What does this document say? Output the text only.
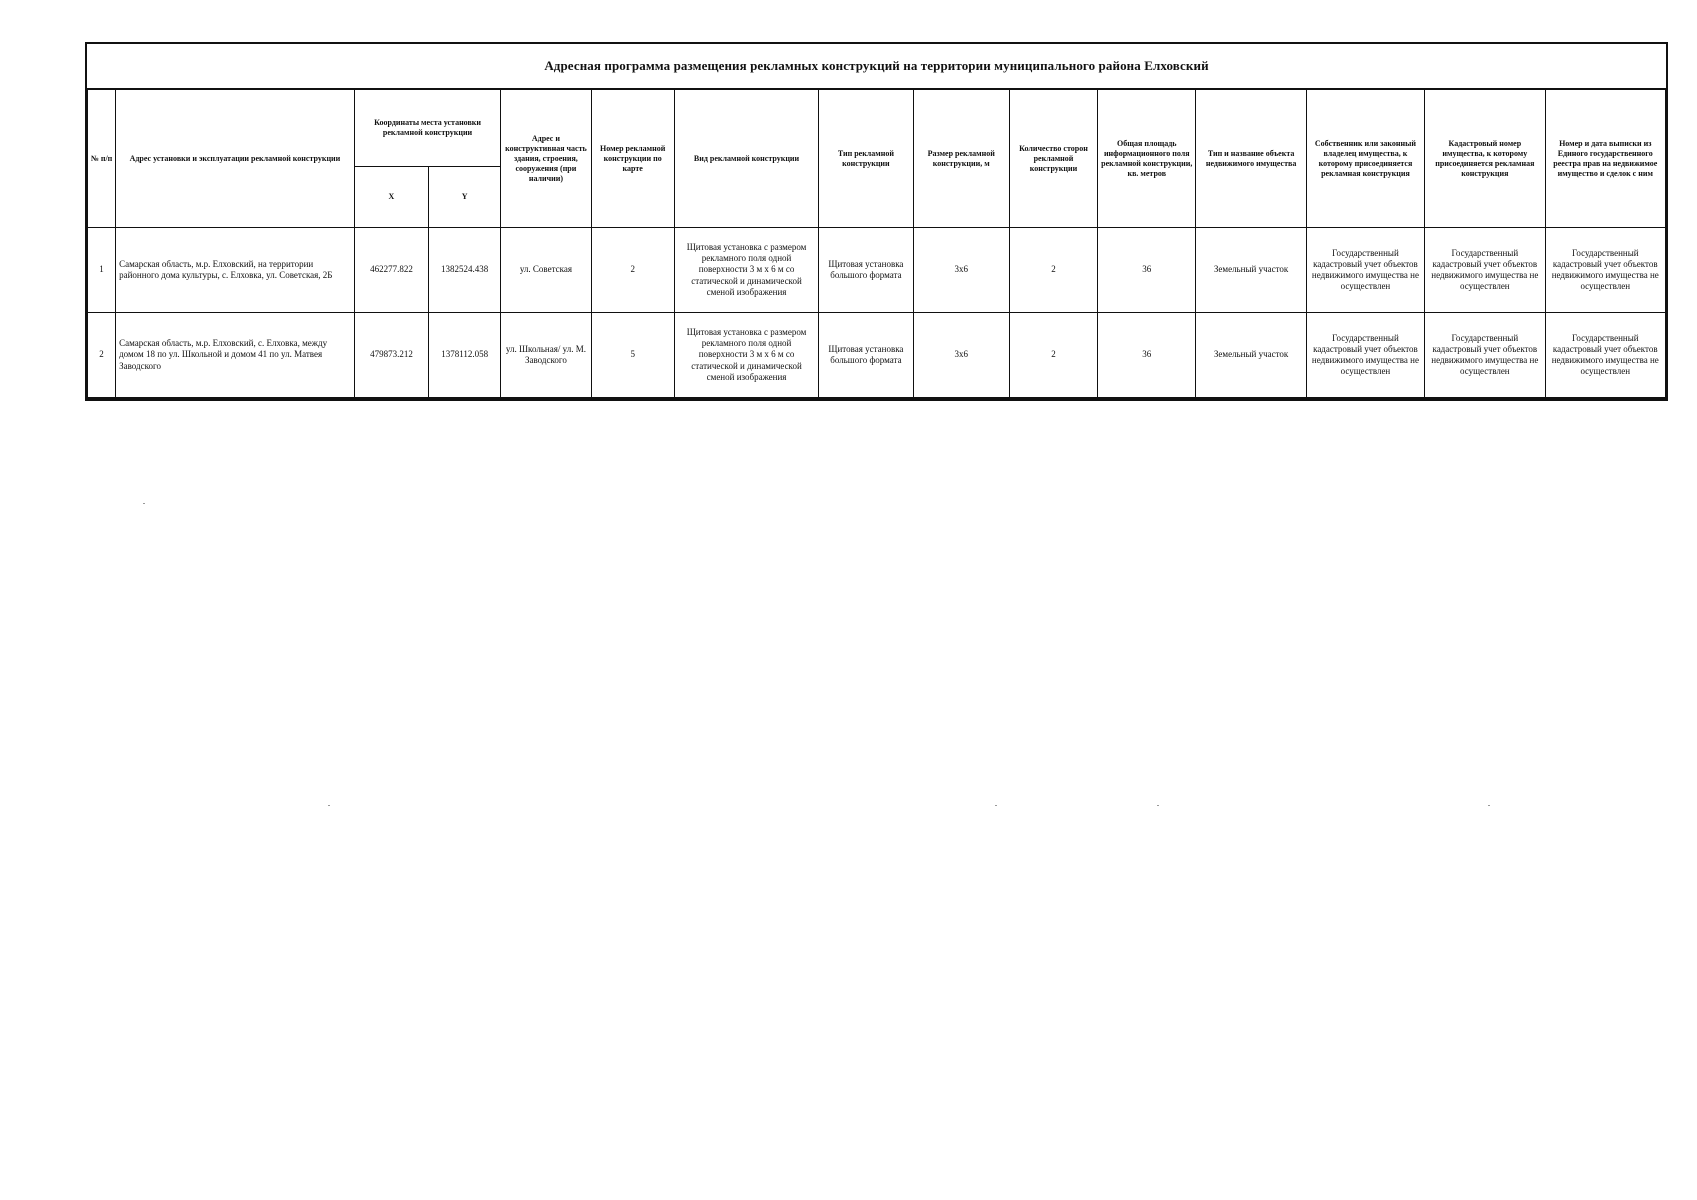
Адресная программа размещения рекламных конструкций на территории муниципального района Елховский
№ п/п	Адрес установки и эксплуатации рекламной конструкции	Координаты места установки рекламной конструкции		Адрес и конструктивная часть здания, строения, сооружения (при наличии)	Номер рекламной конструкции по карте	Вид рекламной конструкции	Тип рекламной конструкции	Размер рекламной конструкции, м	Количество сторон рекламной конструкции	Общая площадь информационного поля рекламной конструкции, кв. метров	Тип и название объекта недвижимого имущества	Собственник или законный владелец имущества, к которому присоединяется рекламная конструкция	Кадастровый номер имущества, к которому присоединяется рекламная конструкция	Номер и дата выписки из Единого государственного реестра прав на недвижимое имущество и сделок с ним
		X	Y											
1	Самарская область, м.р. Елховский, на территории районного дома культуры, с. Елховка, ул. Советская, 2Б	462277.822	1382524.438	ул. Советская	2	Щитовая установка с размером рекламного поля одной поверхности 3 м х 6 м со статической и динамической сменой изображения	Щитовая установка большого формата	3х6	2	36	Земельный участок	Государственный кадастровый учет объектов недвижимого имущества не осуществлен	Государственный кадастровый учет объектов недвижимого имущества не осуществлен	Государственный кадастровый учет объектов недвижимого имущества не осуществлен
2	Самарская область, м.р. Елховский, с. Елховка, между домом 18 по ул. Школьной и домом 41 по ул. Матвея Заводского	479873.212	1378112.058	ул. Школьная/ ул. М. Заводского	5	Щитовая установка с размером рекламного поля одной поверхности 3 м х 6 м со статической и динамической сменой изображения	Щитовая установка большого формата	3х6	2	36	Земельный участок	Государственный кадастровый учет объектов недвижимого имущества не осуществлен	Государственный кадастровый учет объектов недвижимого имущества не осуществлен	Государственный кадастровый учет объектов недвижимого имущества не осуществлен
